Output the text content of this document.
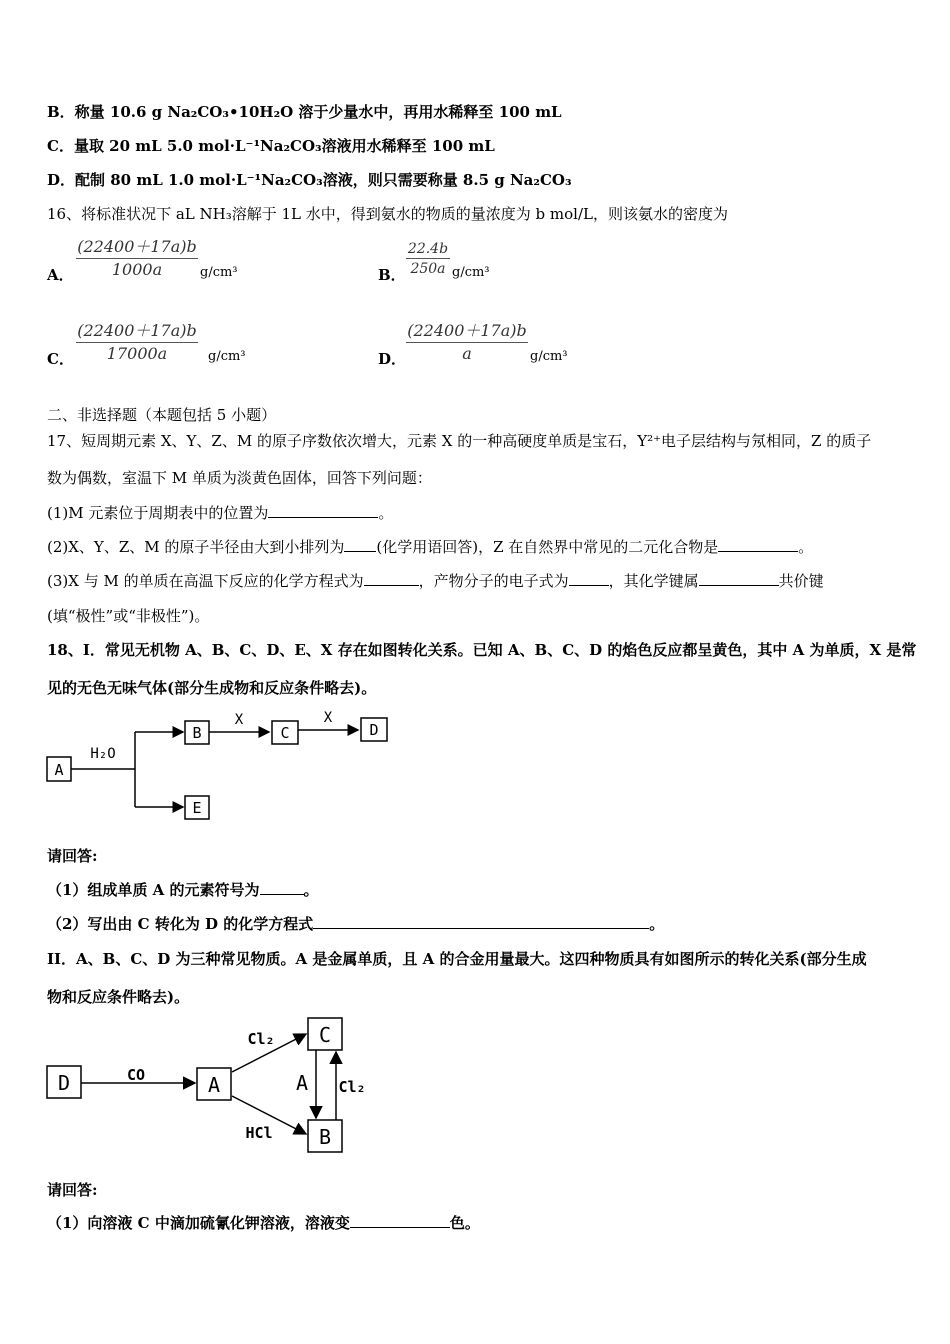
B．称量 10.6 g Na₂CO₃•10H₂O 溶于少量水中，再用水稀释至 100 mL
C．量取 20 mL 5.0 mol·L⁻¹Na₂CO₃溶液用水稀释至 100 mL
D．配制 80 mL 1.0 mol·L⁻¹Na₂CO₃溶液，则只需要称量 8.5 g Na₂CO₃
16、将标准状况下 aL NH₃溶解于 1L 水中，得到氨水的物质的量浓度为 b mol/L，则该氨水的密度为
A．
(22400＋17a)b
1000a	g/cm³	B．
22.4b
250a g/cm³
C．
(22400＋17a)b
17000a	g/cm³	D．
(22400＋17a)b
a	g/cm³
二、非选择题（本题包括 5 小题）
17、短周期元素 X、Y、Z、M 的原子序数依次增大，元素 X 的一种高硬度单质是宝石，Y²⁺电子层结构与氖相同，Z 的质子
数为偶数，室温下 M 单质为淡黄色固体，回答下列问题：
(1)M 元素位于周期表中的位置为	。
(2)X、Y、Z、M 的原子半径由大到小排列为 (化学用语回答)，Z 在自然界中常见的二元化合物是	。
(3)X 与 M 的单质在高温下反应的化学方程式为	，产物分子的电子式为	，其化学键属	共价键
(填“极性”或“非极性”)。
18、I．常见无机物 A、B、C、D、E、X 存在如图转化关系。已知 A、B、C、D 的焰色反应都呈黄色，其中 A 为单质，X 是常
见的无色无味气体(部分生成物和反应条件略去)。
A
H₂O
B
X
C
X
D
E
请回答:
（1）组成单质 A 的元素符号为	。
（2）写出由 C 转化为 D 的化学方程式	。
II．A、B、C、D 为三种常见物质。A 是金属单质，且 A 的合金用量最大。这四种物质具有如图所示的转化关系(部分生成
物和反应条件略去)。
D	CO	A
Cl₂
HCl
C
B
A Cl₂
请回答:
（1）向溶液 C 中滴加硫氰化钾溶液，溶液变	色。
